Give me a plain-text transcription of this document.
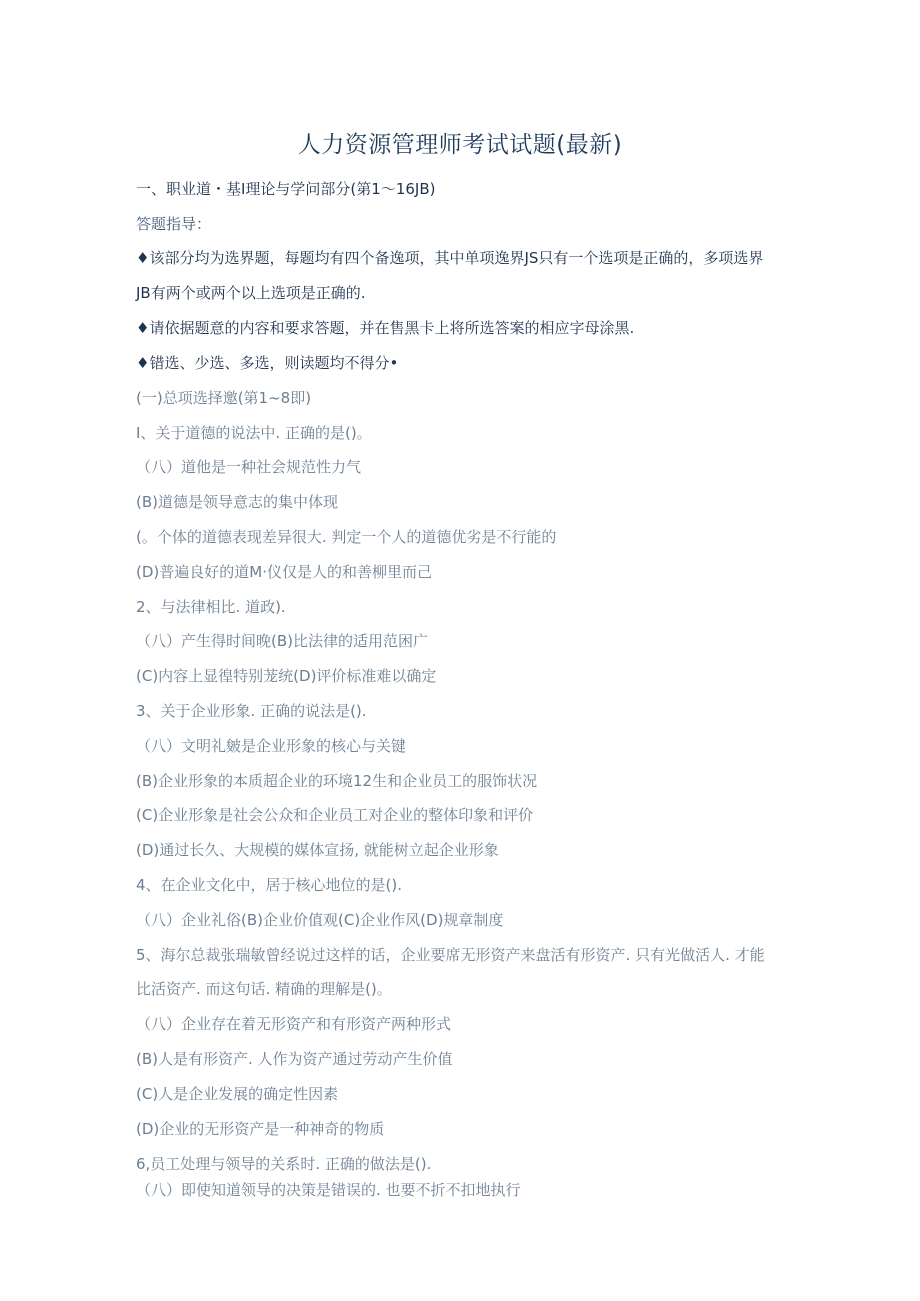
人力资源管理师考试试题(最新)
一、职业道・基I理论与学问部分(第1〜16JB)
答题指导：
♦该部分均为选界题，每题均有四个备逸项，其中单项逸界JS只有一个选项是正确的，多项选界
JB有两个或两个以上选项是正确的.
♦请依据题意的内容和要求答题，并在售黑卡上将所选答案的相应字母涂黑.
♦错选、少选、多选，则读题均不得分•
(一)总项选择邀(第1~8即)
I、关于道德的说法中. 正确的是()。
（八）道他是一种社会规范性力气
(B)道德是领导意志的集中体现
(。个体的道德表现差异很大. 判定一个人的道德优劣是不行能的
(D)普遍良好的道M·仪仅是人的和善柳里而己
2、与法律相比. 道政).
（八）产生得时间晚(B)比法律的适用范困广
(C)内容上显徨特别茏统(D)评价标准难以确定
3、关于企业形象. 正确的说法是().
（八）文明礼皴是企业形象的核心与关键
(B)企业形象的本质超企业的环境12生和企业员工的服饰状况
(C)企业形象是社会公众和企业员工对企业的整体印象和评价
(D)通过长久、大规模的媒体宣扬, 就能树立起企业形象
4、在企业文化中，居于核心地位的是().
（八）企业礼俗(B)企业价值观(C)企业作风(D)规章制度
5、海尔总裁张瑞敏曾经说过这样的话，企业要席无形资产来盘活有形资产. 只有光做活人. 才能
比活资产. 而这句话. 精确的理解是()。
（八）企业存在着无形资产和有形资产两种形式
(B)人是有形资产. 人作为资产通过劳动产生价值
(C)人是企业发展的确定性因素
(D)企业的无形资产是一种神奇的物质
6,员工处理与领导的关系时. 正确的做法是().
（八）即使知道领导的决策是错误的. 也要不折不扣地执行
